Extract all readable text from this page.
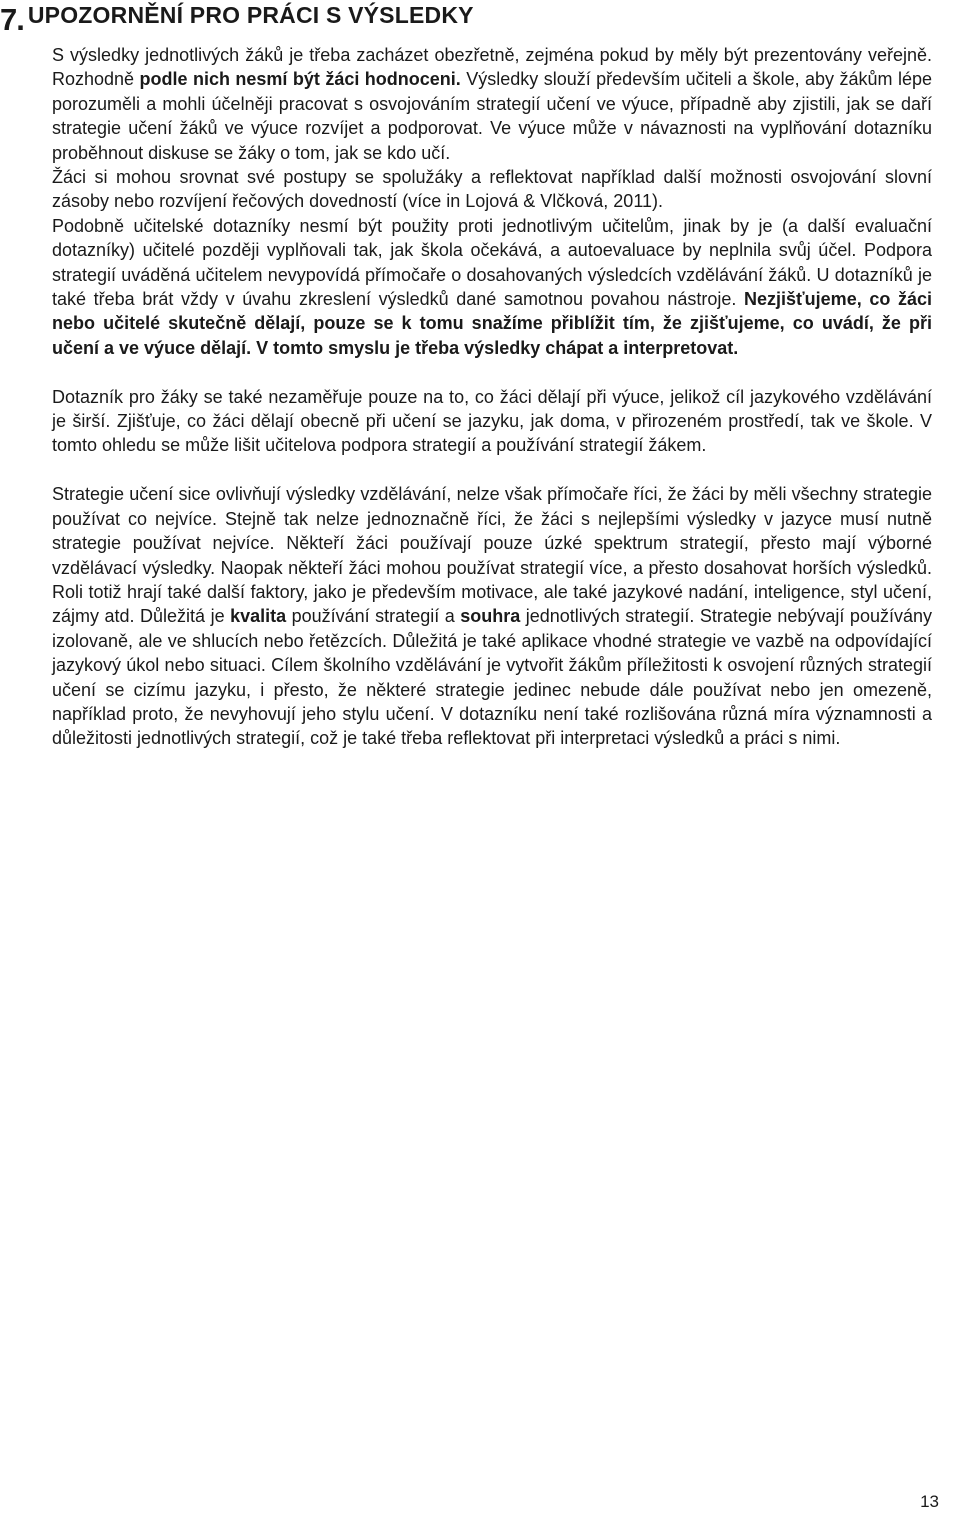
7. UPOZORNĚNÍ PRO PRÁCI S VÝSLEDKY

S výsledky jednotlivých žáků je třeba zacházet obezřetně, zejména pokud by měly být prezentovány veřejně. Rozhodně podle nich nesmí být žáci hodnoceni. Výsledky slouží především učiteli a škole, aby žákům lépe porozuměli a mohli účelněji pracovat s osvojováním strategií učení ve výuce, případně aby zjistili, jak se daří strategie učení žáků ve výuce rozvíjet a podporovat. Ve výuce může v návaznosti na vyplňování dotazníku proběhnout diskuse se žáky o tom, jak se kdo učí.

Žáci si mohou srovnat své postupy se spolužáky a reflektovat například další možnosti osvojování slovní zásoby nebo rozvíjení řečových dovedností (více in Lojová & Vlčková, 2011).

Podobně učitelské dotazníky nesmí být použity proti jednotlivým učitelům, jinak by je (a další evaluační dotazníky) učitelé později vyplňovali tak, jak škola očekává, a autoevaluace by neplnila svůj účel. Podpora strategií uváděná učitelem nevypovídá přímočaře o dosahovaných výsledcích vzdělávání žáků. U dotazníků je také třeba brát vždy v úvahu zkreslení výsledků dané samotnou povahou nástroje. Nezjišťujeme, co žáci nebo učitelé skutečně dělají, pouze se k tomu snažíme přiblížit tím, že zjišťujeme, co uvádí, že při učení a ve výuce dělají. V tomto smyslu je třeba výsledky chápat a interpretovat.

Dotazník pro žáky se také nezaměřuje pouze na to, co žáci dělají při výuce, jelikož cíl jazykového vzdělávání je širší. Zjišťuje, co žáci dělají obecně při učení se jazyku, jak doma, v přirozeném prostředí, tak ve škole. V tomto ohledu se může lišit učitelova podpora strategií a používání strategií žákem.

Strategie učení sice ovlivňují výsledky vzdělávání, nelze však přímočaře říci, že žáci by měli všechny strategie používat co nejvíce. Stejně tak nelze jednoznačně říci, že žáci s nejlepšími výsledky v jazyce musí nutně strategie používat nejvíce. Někteří žáci používají pouze úzké spektrum strategií, přesto mají výborné vzdělávací výsledky. Naopak někteří žáci mohou používat strategií více, a přesto dosahovat horších výsledků. Roli totiž hrají také další faktory, jako je především motivace, ale také jazykové nadání, inteligence, styl učení, zájmy atd. Důležitá je kvalita používání strategií a souhra jednotlivých strategií. Strategie nebývají používány izolovaně, ale ve shlucích nebo řetězcích. Důležitá je také aplikace vhodné strategie ve vazbě na odpovídající jazykový úkol nebo situaci. Cílem školního vzdělávání je vytvořit žákům příležitosti k osvojení různých strategií učení se cizímu jazyku, i přesto, že některé strategie jedinec nebude dále používat nebo jen omezeně, například proto, že nevyhovují jeho stylu učení. V dotazníku není také rozlišována různá míra významnosti a důležitosti jednotlivých strategií, což je také třeba reflektovat při interpretaci výsledků a práci s nimi.

13
